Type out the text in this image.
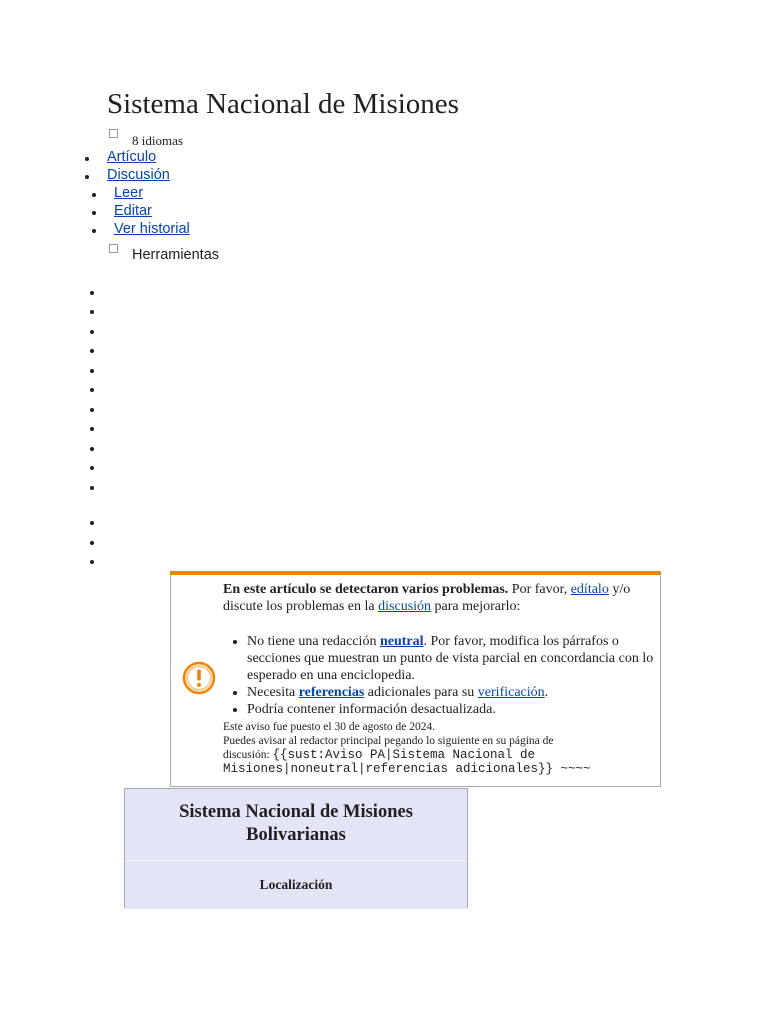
Sistema Nacional de Misiones
8 idiomas
Artículo
Discusión
Leer
Editar
Ver historial
Herramientas

En este artículo se detectaron varios problemas. Por favor, edítalo y/o discute los problemas en la discusión para mejorarlo:

• No tiene una redacción neutral. Por favor, modifica los párrafos o secciones que muestran un punto de vista parcial en concordancia con lo esperado en una enciclopedia.
• Necesita referencias adicionales para su verificación.
• Podría contener información desactualizada.
Este aviso fue puesto el 30 de agosto de 2024.
Puedes avisar al redactor principal pegando lo siguiente en su página de discusión: {{sust:Aviso PA|Sistema Nacional de Misiones|noneutral|referencias adicionales}} ~~~~
Sistema Nacional de Misiones Bolivarianas
Localización
